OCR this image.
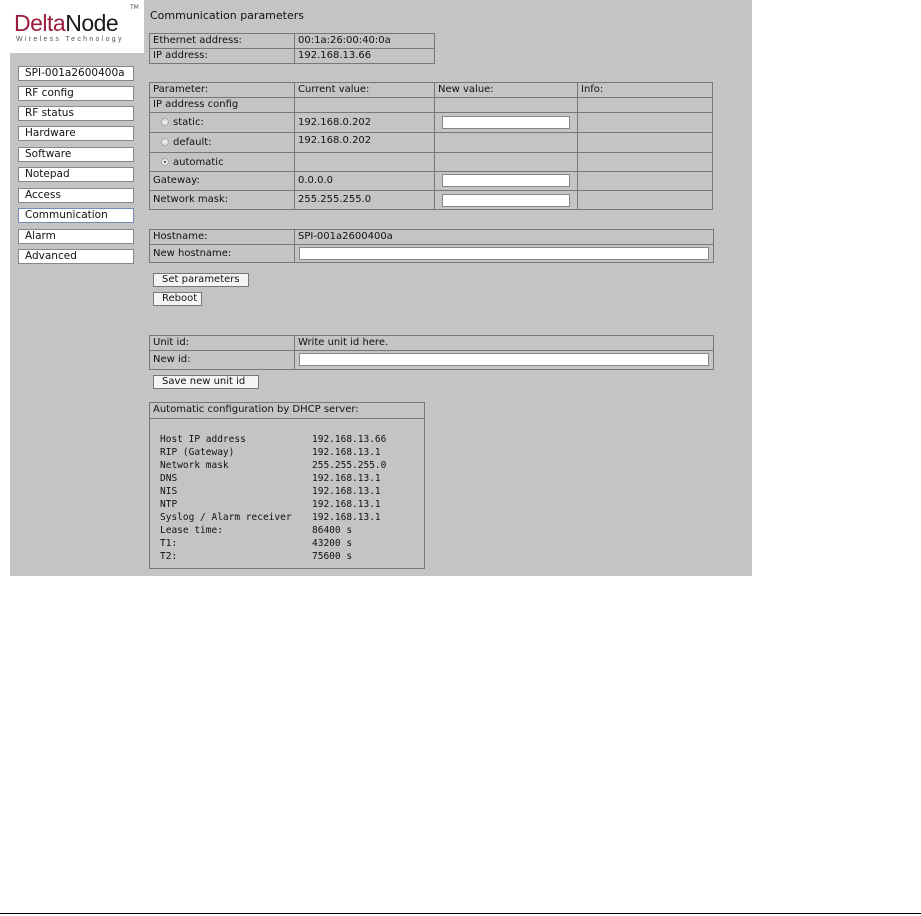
DeltaNode
TM
Wireless Technology
SPI-001a2600400a
RF config
RF status
Hardware
Software
Notepad
Access
Communication
Alarm
Advanced
Communication parameters
Ethernet address:	00:1a:26:00:40:0a
IP address:	192.168.13.66
Parameter:	Current value:	New value:	Info:
IP address config
static:	192.168.0.202
default:	192.168.0.202
automatic
Gateway:	0.0.0.0
Network mask:	255.255.255.0
Hostname:	SPI-001a2600400a
New hostname:
Set parameters
Reboot
Unit id:	Write unit id here.
New id:
Save new unit id
Automatic configuration by DHCP server:
Host IP address	192.168.13.66
RIP (Gateway)	192.168.13.1
Network mask	255.255.255.0
DNS	192.168.13.1
NIS	192.168.13.1
NTP	192.168.13.1
Syslog / Alarm receiver 192.168.13.1
Lease time:	86400 s
T1:	43200 s
T2:	75600 s
